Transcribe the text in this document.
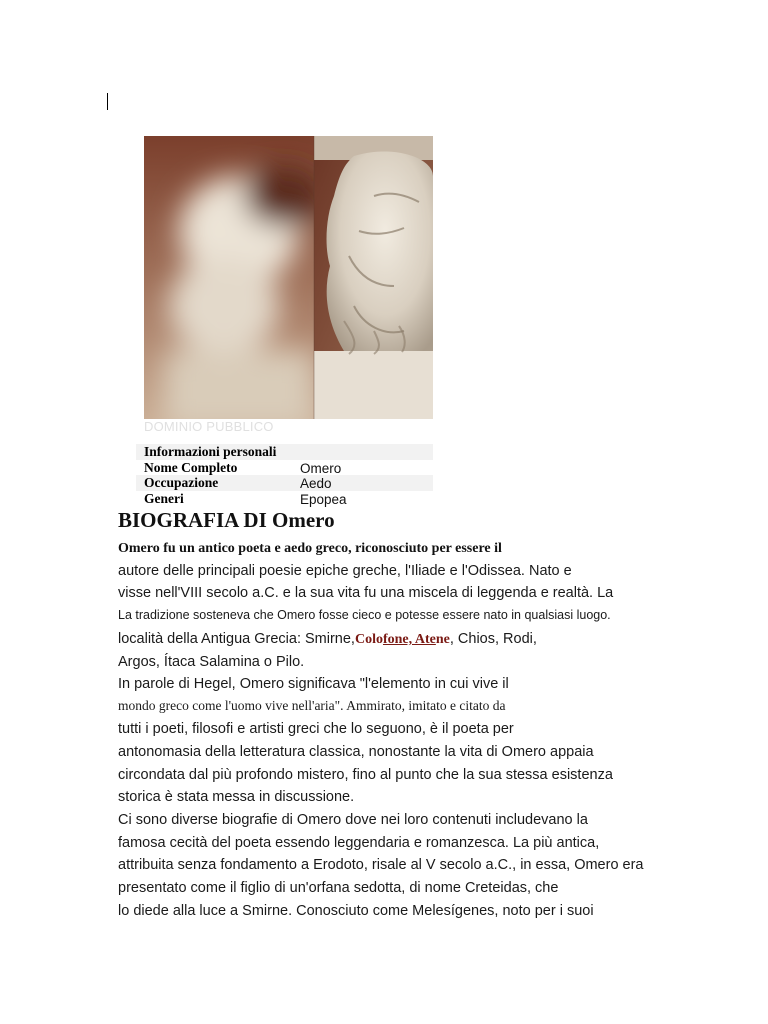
DOMINIO PUBBLICO
Informazioni personali
Nome Completo	Omero
Occupazione	Aedo
Generi	Epopea
BIOGRAFIA DI Omero
Omero fu un antico poeta e aedo greco, riconosciuto per essere il
autore delle principali poesie epiche greche, l'Iliade e l'Odissea. Nato e
visse nell'VIII secolo a.C. e la sua vita fu una miscela di leggenda e realtà. La
La tradizione sosteneva che Omero fosse cieco e potesse essere nato in qualsiasi luogo.
località della Antigua Grecia: Smirne,Colofone, Atene, Chios, Rodi,
Argos, Ítaca Salamina o Pilo.
In parole di Hegel, Omero significava "l'elemento in cui vive il
mondo greco come l'uomo vive nell'aria". Ammirato, imitato e citato da
tutti i poeti, filosofi e artisti greci che lo seguono, è il poeta per
antonomasia della letteratura classica, nonostante la vita di Omero appaia
circondata dal più profondo mistero, fino al punto che la sua stessa esistenza
storica è stata messa in discussione.
Ci sono diverse biografie di Omero dove nei loro contenuti includevano la
famosa cecità del poeta essendo leggendaria e romanzesca. La più antica,
attribuita senza fondamento a Erodoto, risale al V secolo a.C., in essa, Omero era
presentato come il figlio di un'orfana sedotta, di nome Creteidas, che
lo diede alla luce a Smirne. Conosciuto come Melesígenes, noto per i suoi
